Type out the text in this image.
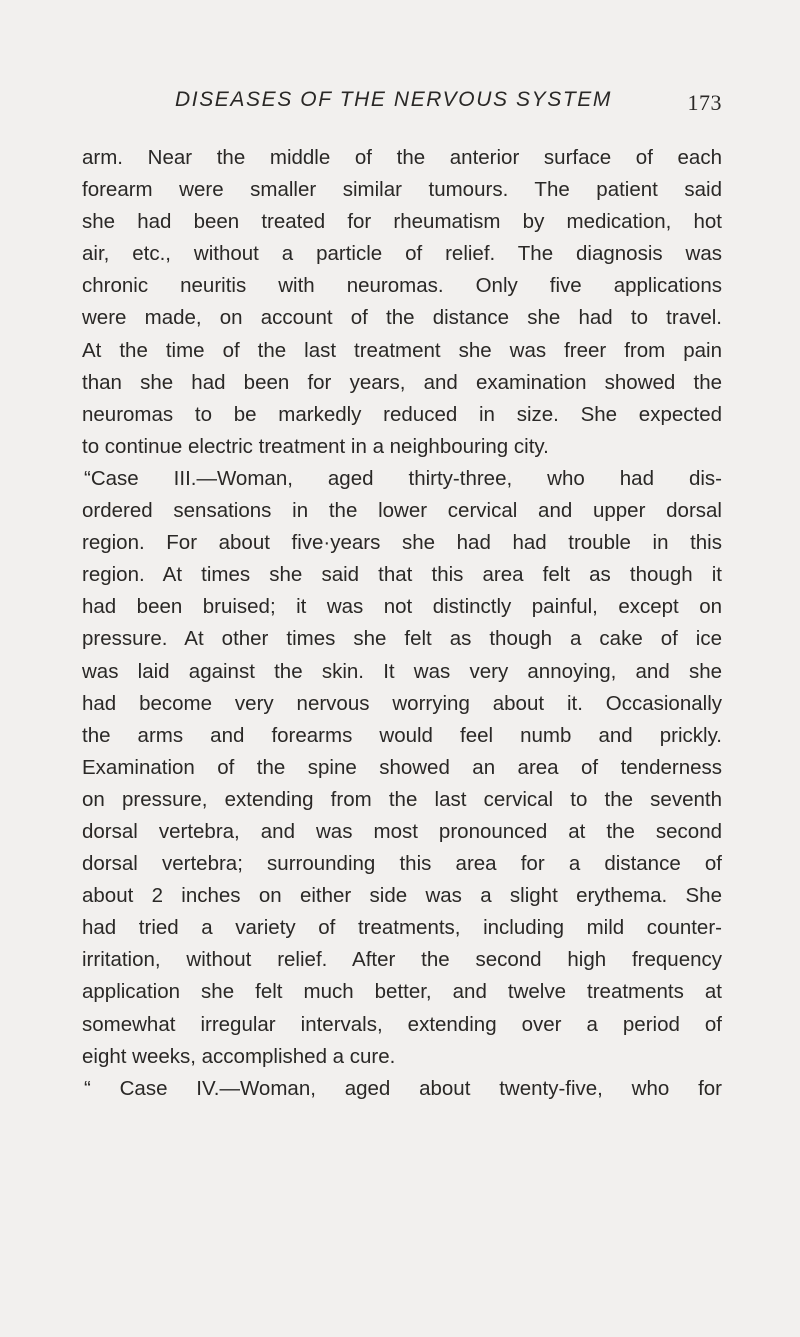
DISEASES OF THE NERVOUS SYSTEM	173
arm. Near the middle of the anterior surface of each
forearm were smaller similar tumours. The patient said
she had been treated for rheumatism by medication, hot
air, etc., without a particle of relief. The diagnosis was
chronic neuritis with neuromas. Only five applications
were made, on account of the distance she had to travel.
At the time of the last treatment she was freer from pain
than she had been for years, and examination showed the
neuromas to be markedly reduced in size. She expected
to continue electric treatment in a neighbouring city.
“Case III.—Woman, aged thirty-three, who had dis-
ordered sensations in the lower cervical and upper dorsal
region. For about five·years she had had trouble in this
region. At times she said that this area felt as though it
had been bruised; it was not distinctly painful, except on
pressure. At other times she felt as though a cake of ice
was laid against the skin. It was very annoying, and she
had become very nervous worrying about it. Occasionally
the arms and forearms would feel numb and prickly.
Examination of the spine showed an area of tenderness
on pressure, extending from the last cervical to the seventh
dorsal vertebra, and was most pronounced at the second
dorsal vertebra; surrounding this area for a distance of
about 2 inches on either side was a slight erythema. She
had tried a variety of treatments, including mild counter-
irritation, without relief. After the second high frequency
application she felt much better, and twelve treatments at
somewhat irregular intervals, extending over a period of
eight weeks, accomplished a cure.
“ Case IV.—Woman, aged about twenty-five, who for
